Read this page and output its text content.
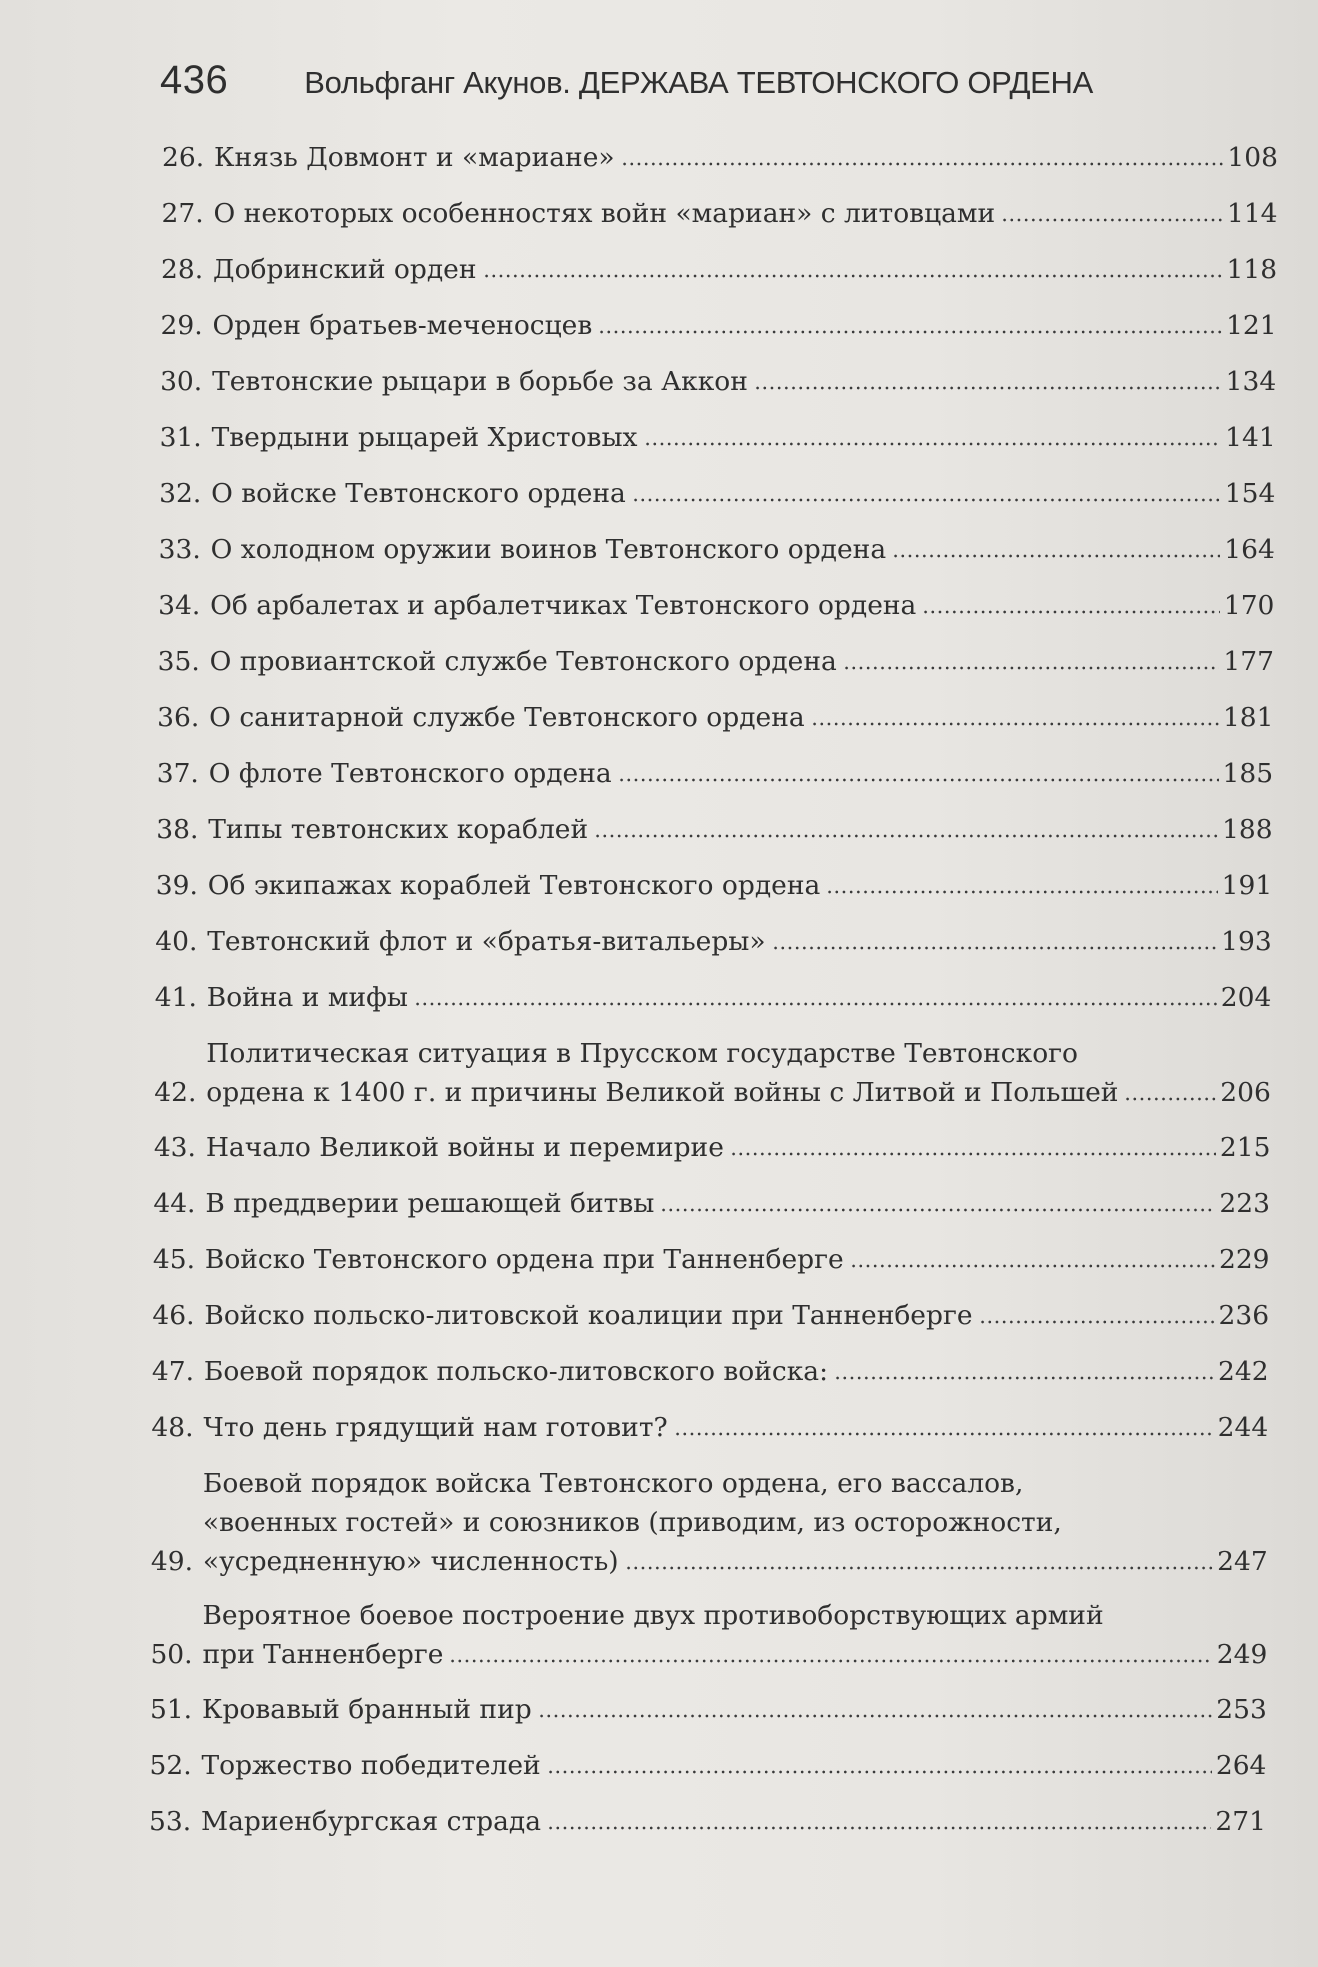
436 Вольфганг Акунов. ДЕРЖАВА ТЕВТОНСКОГО ОРДЕНА
26. Князь Довмонт и «мариане»	108
27. О некоторых особенностях войн «мариан» с литовцами	114
28. Добринский орден	118
29. Орден братьев-меченосцев	121
30. Тевтонские рыцари в борьбе за Аккон	134
31. Твердыни рыцарей Христовых	141
32. О войске Тевтонского ордена	154
33. О холодном оружии воинов Тевтонского ордена	164
34. Об арбалетах и арбалетчиках Тевтонского ордена	170
35. О провиантской службе Тевтонского ордена	177
36. О санитарной службе Тевтонского ордена	181
37. О флоте Тевтонского ордена	185
38. Типы тевтонских кораблей	188
39. Об экипажах кораблей Тевтонского ордена	191
40. Тевтонский флот и «братья-витальеры»	193
41. Война и мифы	204
42.
Политическая ситуация в Прусском государстве Тевтонского
ордена к 1400 г. и причины Великой войны с Литвой и Польшей	206
43. Начало Великой войны и перемирие	215
44. В преддверии решающей битвы	223
45. Войско Тевтонского ордена при Танненберге	229
46. Войско польско-литовской коалиции при Танненберге	236
47. Боевой порядок польско-литовского войска:	242
48. Что день грядущий нам готовит?	244
49.
Боевой порядок войска Тевтонского ордена, его вассалов,
«военных гостей» и союзников (приводим, из осторожности,
«усредненную» численность)	247
50.
Вероятное боевое построение двух противоборствующих армий
при Танненберге	249
51. Кровавый бранный пир	253
52. Торжество победителей	264
53. Мариенбургская страда	271
